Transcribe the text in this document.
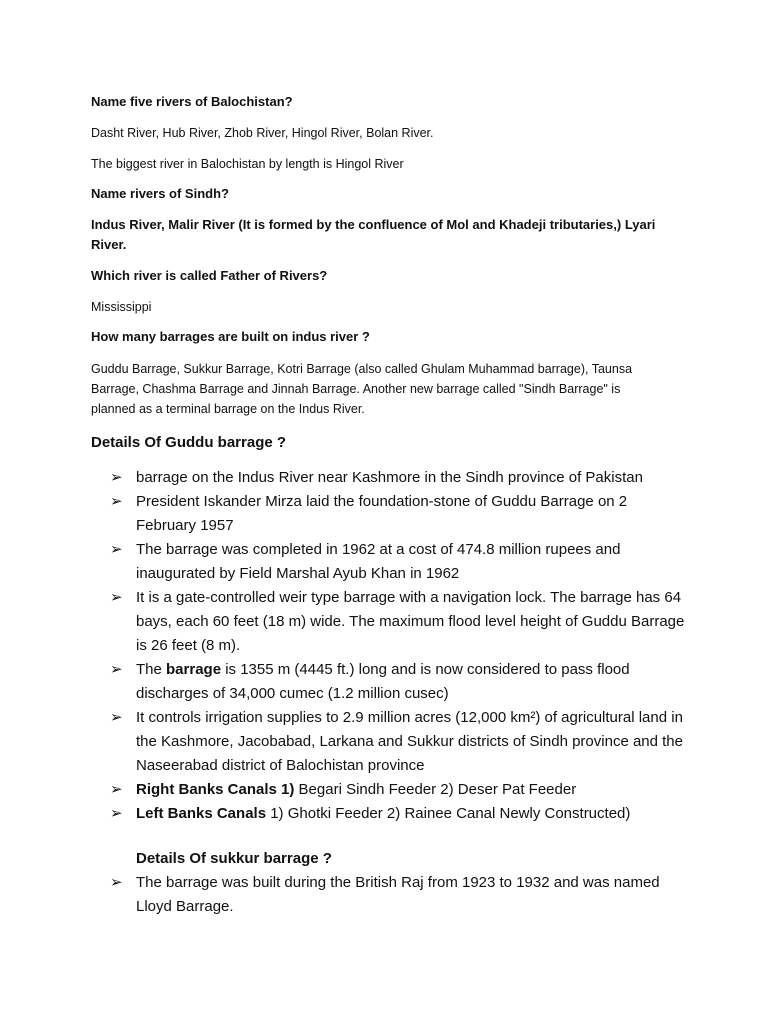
Name five rivers of Balochistan?

Dasht River, Hub River, Zhob River, Hingol River, Bolan River.

The biggest river in Balochistan by length is Hingol River

Name rivers of Sindh?

Indus River, Malir River (It is formed by the confluence of Mol and Khadeji tributaries,) Lyari River.

Which river is called Father of Rivers?

Mississippi

How many barrages are built on indus river ?

Guddu Barrage, Sukkur Barrage, Kotri Barrage (also called Ghulam Muhammad barrage), Taunsa Barrage, Chashma Barrage and Jinnah Barrage. Another new barrage called "Sindh Barrage" is planned as a terminal barrage on the Indus River.

Details Of Guddu barrage ?

➢ barrage on the Indus River near Kashmore in the Sindh province of Pakistan
➢ President Iskander Mirza laid the foundation-stone of Guddu Barrage on 2 February 1957
➢ The barrage was completed in 1962 at a cost of 474.8 million rupees and inaugurated by Field Marshal Ayub Khan in 1962
➢ It is a gate-controlled weir type barrage with a navigation lock. The barrage has 64 bays, each 60 feet (18 m) wide. The maximum flood level height of Guddu Barrage is 26 feet (8 m).
➢ The barrage is 1355 m (4445 ft.) long and is now considered to pass flood discharges of 34,000 cumec (1.2 million cusec)
➢ It controls irrigation supplies to 2.9 million acres (12,000 km²) of agricultural land in the Kashmore, Jacobabad, Larkana and Sukkur districts of Sindh province and the Naseerabad district of Balochistan province
➢ Right Banks Canals 1) Begari Sindh Feeder 2) Deser Pat Feeder
➢ Left Banks Canals 1) Ghotki Feeder 2) Rainee Canal Newly Constructed)

Details Of sukkur barrage ?

➢ The barrage was built during the British Raj from 1923 to 1932 and was named Lloyd Barrage.
